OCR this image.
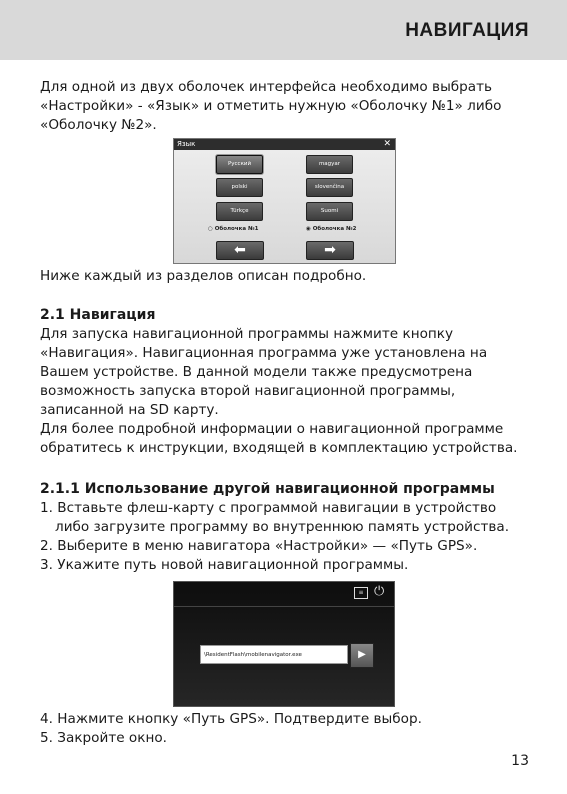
НАВИГАЦИЯ

Для одной из двух оболочек интерфейса необходимо выбрать

«Настройки» - «Язык» и отметить нужную «Оболочку №1» либо

«Оболочку №2».

Язык	✕
Русский	magyar
polski	slovenčina
Türkçe	Suomi
○ Оболочка №1	◉ Оболочка №2
⬅	➡
Ниже каждый из разделов описан подробно.

2.1 Навигация

Для запуска навигационной программы нажмите кнопку

«Навигация». Навигационная программа уже установлена на

Вашем устройстве. В данной модели также предусмотрена

возможность запуска второй навигационной программы,

записанной на SD карту.

Для более подробной информации о навигационной программе

обратитесь к инструкции, входящей в комплектацию устройства.

2.1.1 Использование другой навигационной программы

1. Вставьте флеш-карту с программой навигации в устройство

либо загрузите программу во внутреннюю память устройства.

2. Выберите в меню навигатора «Настройки» — «Путь GPS».

3. Укажите путь новой навигационной программы.

≡ ⏻
\ResidentFlash\mobilenavigator.exe	▶

4. Нажмите кнопку «Путь GPS». Подтвердите выбор.

5. Закройте окно.

13
